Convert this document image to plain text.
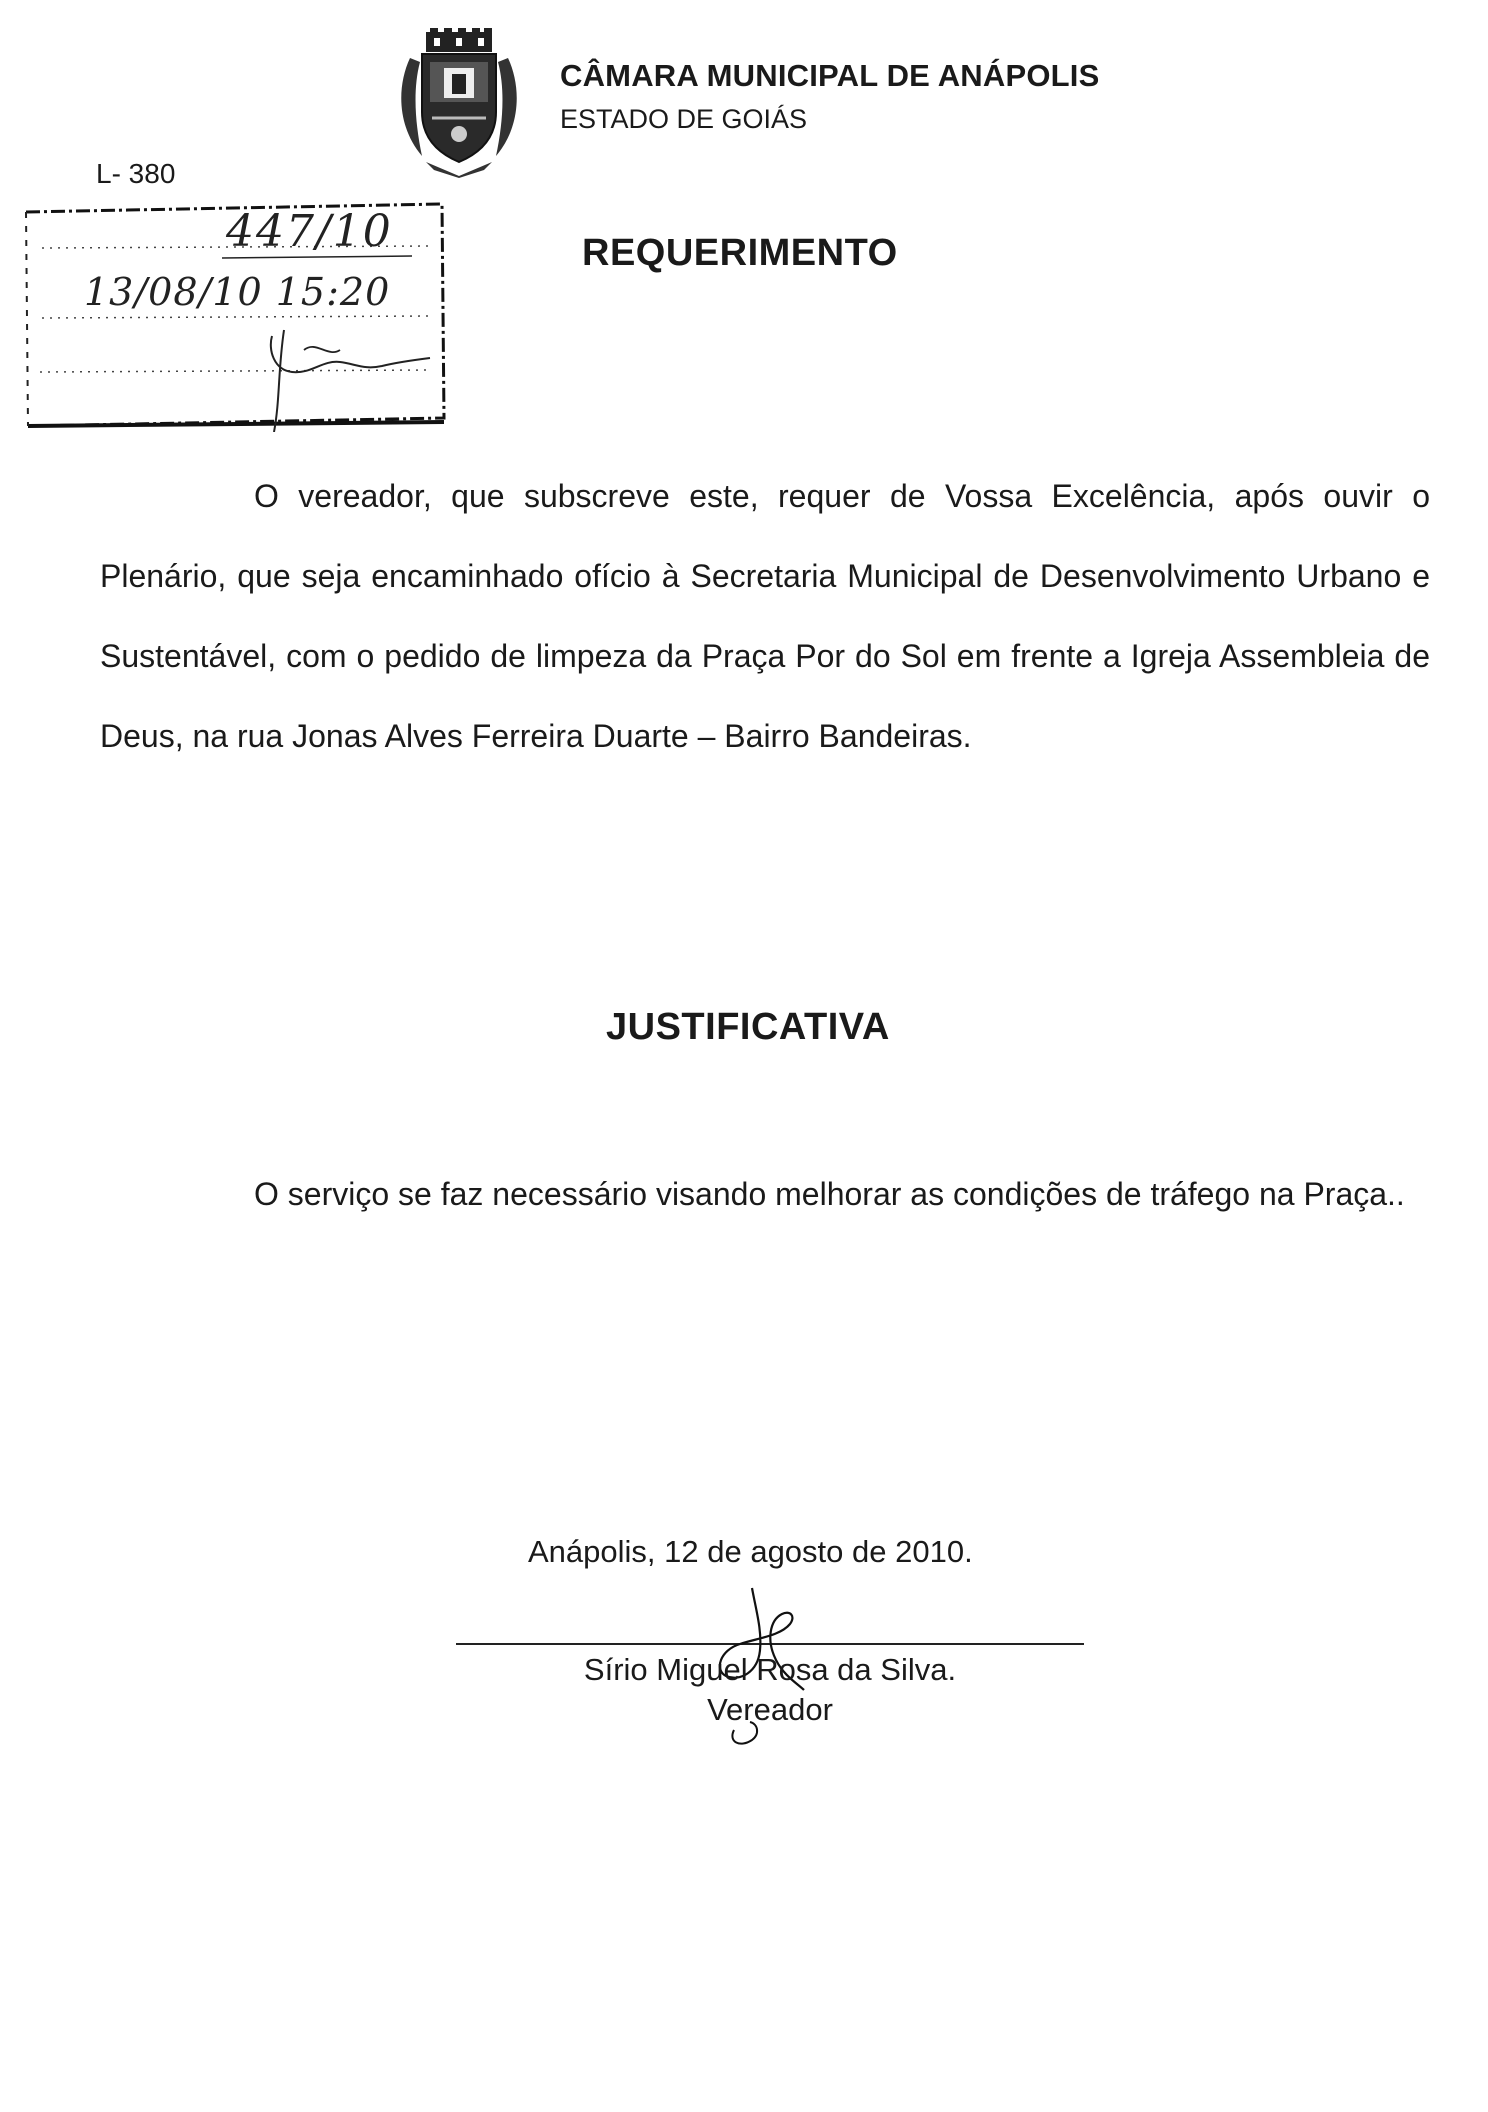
CÂMARA MUNICIPAL DE ANÁPOLIS
ESTADO DE GOIÁS
L- 380
447/10
13/08/10 15:20
REQUERIMENTO
O vereador, que subscreve este, requer de Vossa Excelência, após ouvir o Plenário, que seja encaminhado ofício à Secretaria Municipal de Desenvolvimento Urbano e Sustentável, com o pedido de limpeza da Praça Por do Sol em frente a Igreja Assembleia de Deus, na rua Jonas Alves Ferreira Duarte – Bairro Bandeiras.
JUSTIFICATIVA
O serviço se faz necessário visando melhorar as condições de tráfego na Praça..
Anápolis, 12 de agosto de 2010.
Sírio Miguel Rosa da Silva.
Vereador
